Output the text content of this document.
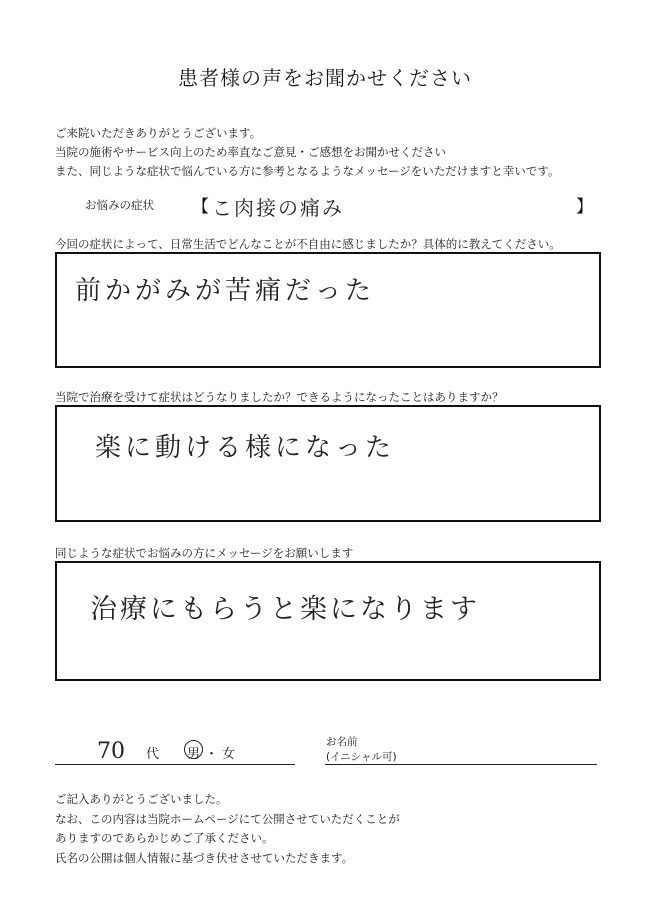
患者様の声をお聞かせください
ご来院いただきありがとうございます。
当院の施術やサービス向上のため率直なご意見・ご感想をお聞かせください
また、同じような症状で悩んでいる方に参考となるようなメッセージをいただけますと幸いです。
お悩みの症状 【 こ肉接の痛み	】
今回の症状によって、日常生活でどんなことが不自由に感じましたか？具体的に教えてください。
前かがみが苦痛だった
当院で治療を受けて症状はどうなりましたか？できるようになったことはありますか？
楽に動ける様になった
同じような症状でお悩みの方にメッセージをお願いします
治療にもらうと楽になります
70 代 男 ・ 女
お名前
(イニシャル可)
ご記入ありがとうございました。
なお、この内容は当院ホームページにて公開させていただくことが
ありますのであらかじめご了承ください。
氏名の公開は個人情報に基づき伏せさせていただきます。
